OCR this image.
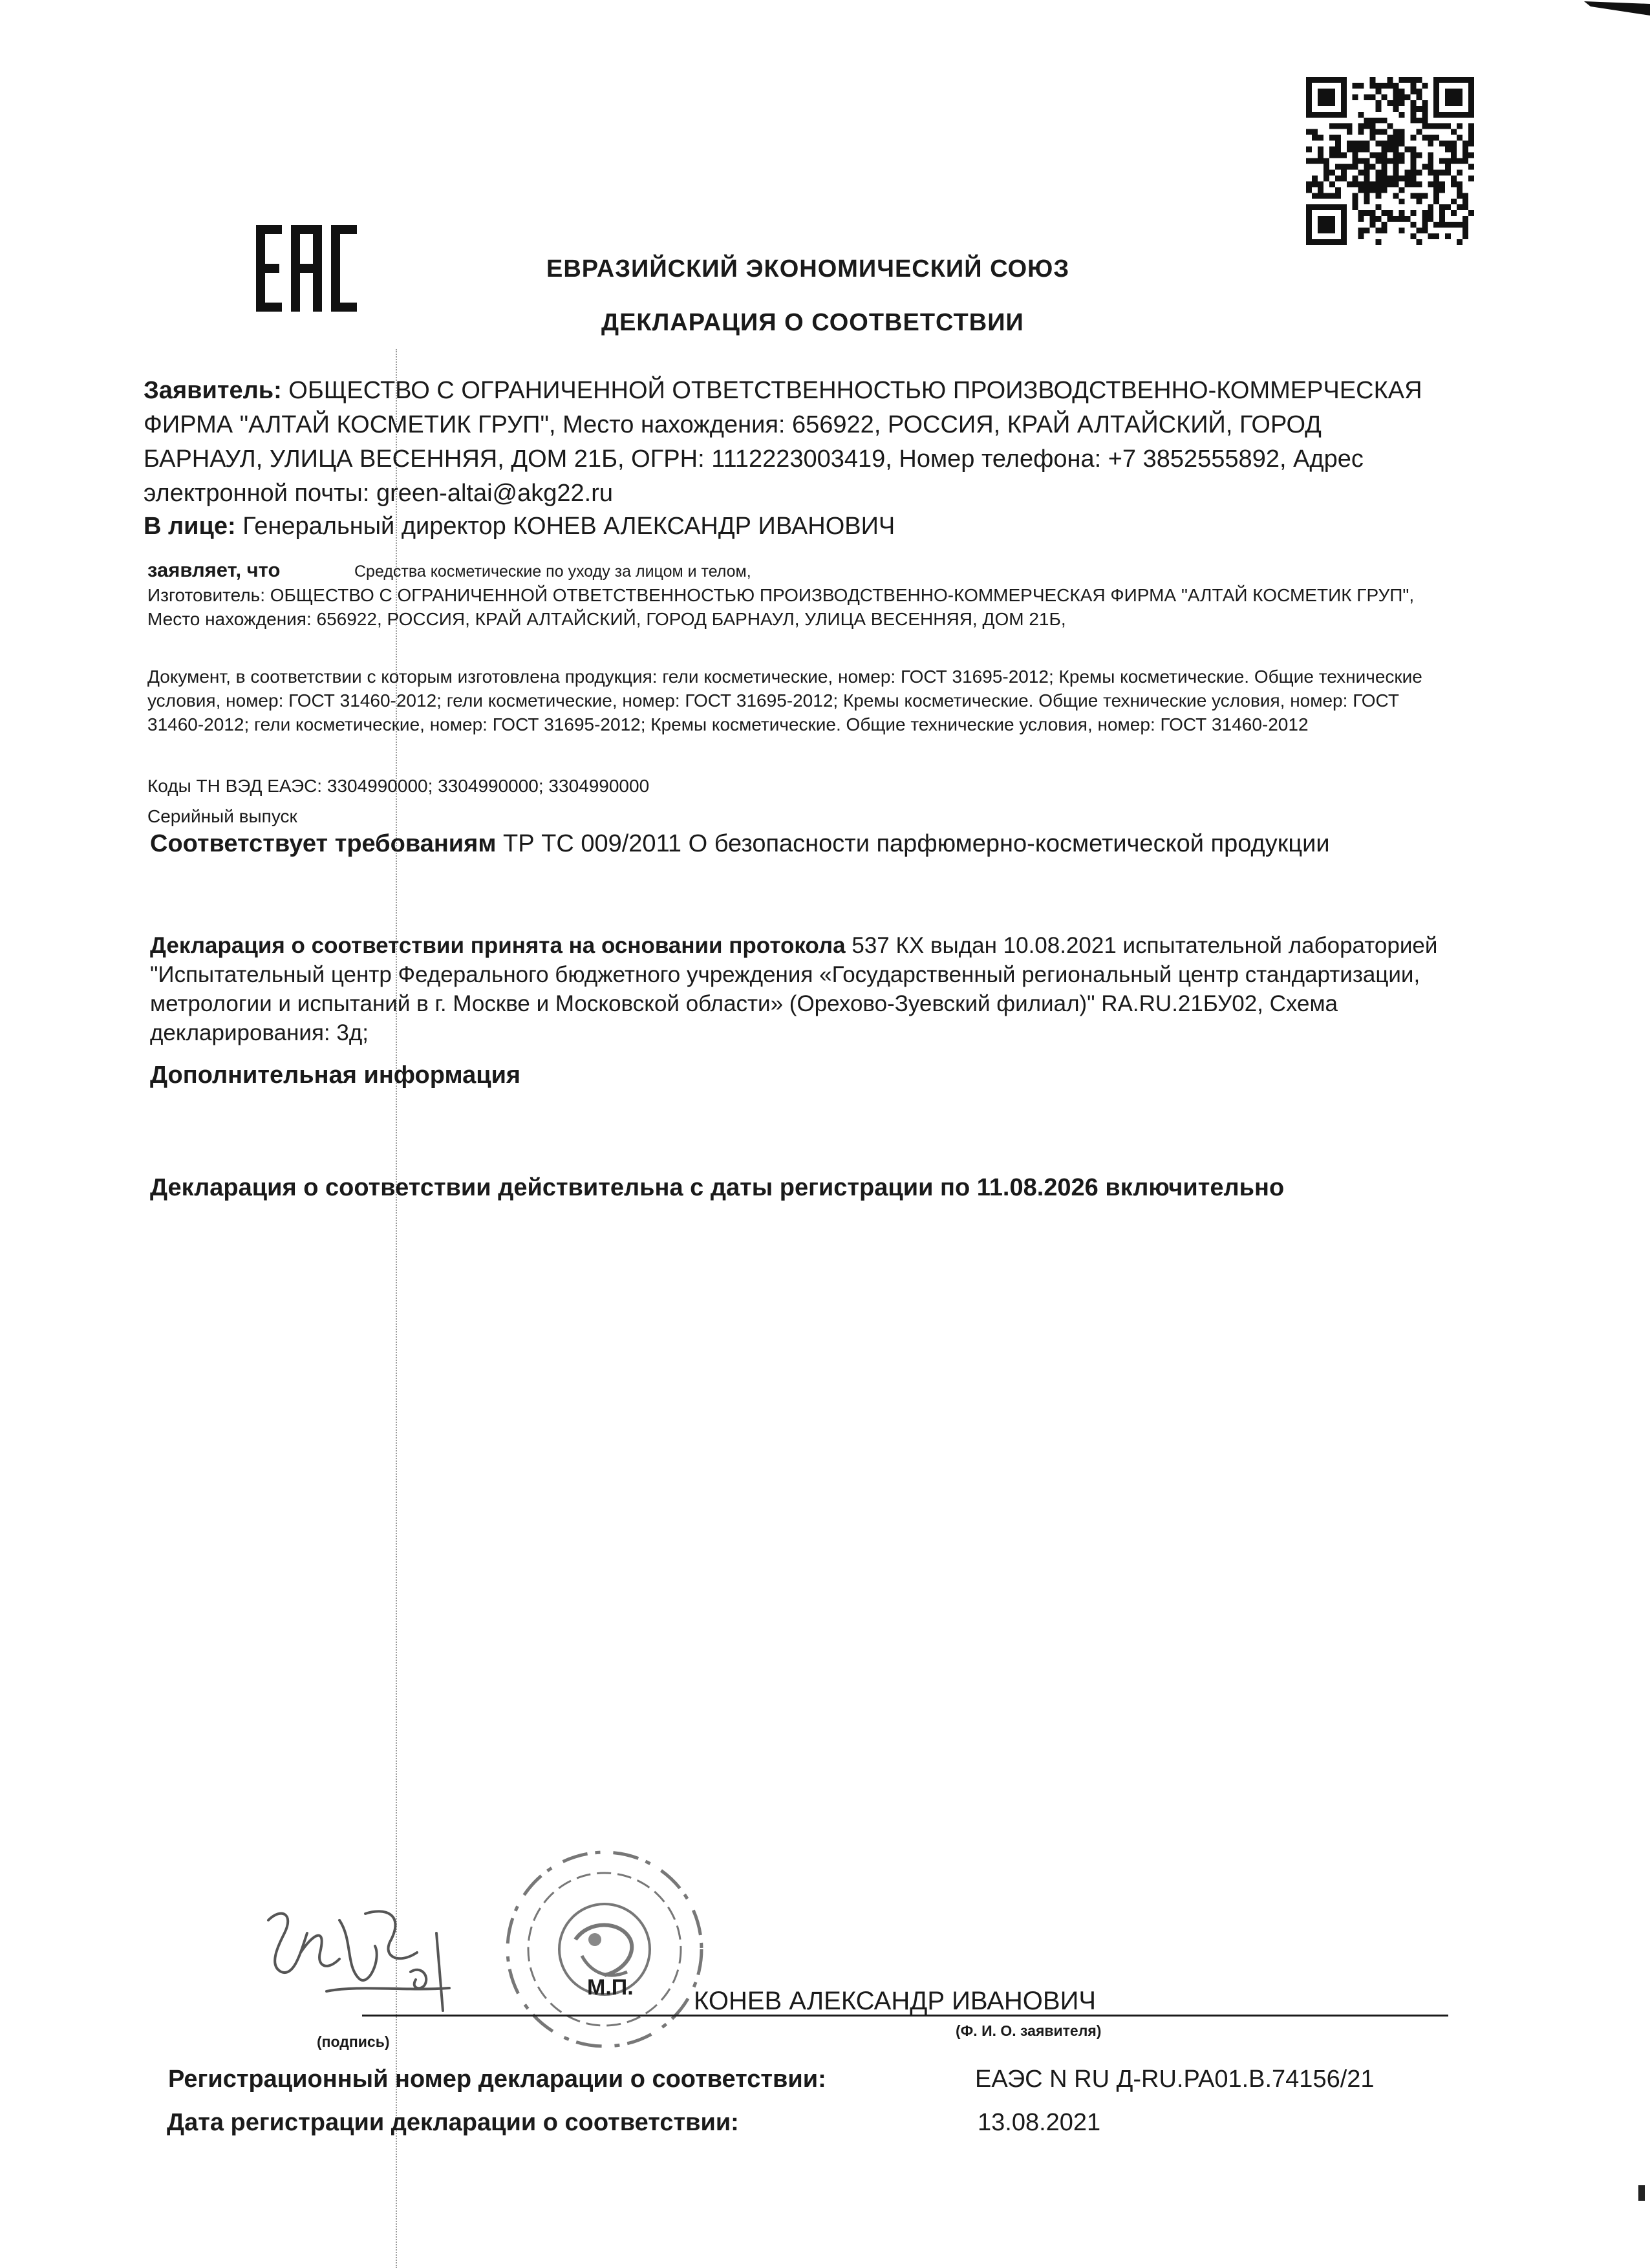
ЕВРАЗИЙСКИЙ ЭКОНОМИЧЕСКИЙ СОЮЗ
ДЕКЛАРАЦИЯ О СООТВЕТСТВИИ
Заявитель: ОБЩЕСТВО С ОГРАНИЧЕННОЙ ОТВЕТСТВЕННОСТЬЮ ПРОИЗВОДСТВЕННО-КОММЕРЧЕСКАЯ ФИРМА "АЛТАЙ КОСМЕТИК ГРУП", Место нахождения: 656922, РОССИЯ, КРАЙ АЛТАЙСКИЙ, ГОРОД БАРНАУЛ, УЛИЦА ВЕСЕННЯЯ, ДОМ 21Б, ОГРН: 1112223003419, Номер телефона: +7 3852555892, Адрес электронной почты: green-altai@akg22.ru
В лице: Генеральный директор КОНЕВ АЛЕКСАНДР ИВАНОВИЧ
заявляет, что	Средства косметические по уходу за лицом и телом,
Изготовитель: ОБЩЕСТВО С ОГРАНИЧЕННОЙ ОТВЕТСТВЕННОСТЬЮ ПРОИЗВОДСТВЕННО-КОММЕРЧЕСКАЯ ФИРМА "АЛТАЙ КОСМЕТИК ГРУП", Место нахождения: 656922, РОССИЯ, КРАЙ АЛТАЙСКИЙ, ГОРОД БАРНАУЛ, УЛИЦА ВЕСЕННЯЯ, ДОМ 21Б,
Документ, в соответствии с которым изготовлена продукция: гели косметические, номер: ГОСТ 31695-2012; Кремы косметические. Общие технические условия, номер: ГОСТ 31460-2012; гели косметические, номер: ГОСТ 31695-2012; Кремы косметические. Общие технические условия, номер: ГОСТ 31460-2012; гели косметические, номер: ГОСТ 31695-2012; Кремы косметические. Общие технические условия, номер: ГОСТ 31460-2012
Коды ТН ВЭД ЕАЭС: 3304990000; 3304990000; 3304990000
Серийный выпуск
Соответствует требованиям ТР ТС 009/2011 О безопасности парфюмерно-косметической продукции
Декларация о соответствии принята на основании протокола 537 КХ выдан 10.08.2021 испытательной лабораторией "Испытательный центр Федерального бюджетного учреждения «Государственный региональный центр стандартизации, метрологии и испытаний в г. Москве и Московской области» (Орехово-Зуевский филиал)" RA.RU.21БУ02, Схема декларирования: 3д;
Дополнительная информация
Декларация о соответствии действительна с даты регистрации по 11.08.2026 включительно
М.П. КОНЕВ АЛЕКСАНДР ИВАНОВИЧ
(подпись)
(Ф. И. О. заявителя)
Регистрационный номер декларации о соответствии:	ЕАЭС N RU Д-RU.PA01.B.74156/21
Дата регистрации декларации о соответствии:	13.08.2021
